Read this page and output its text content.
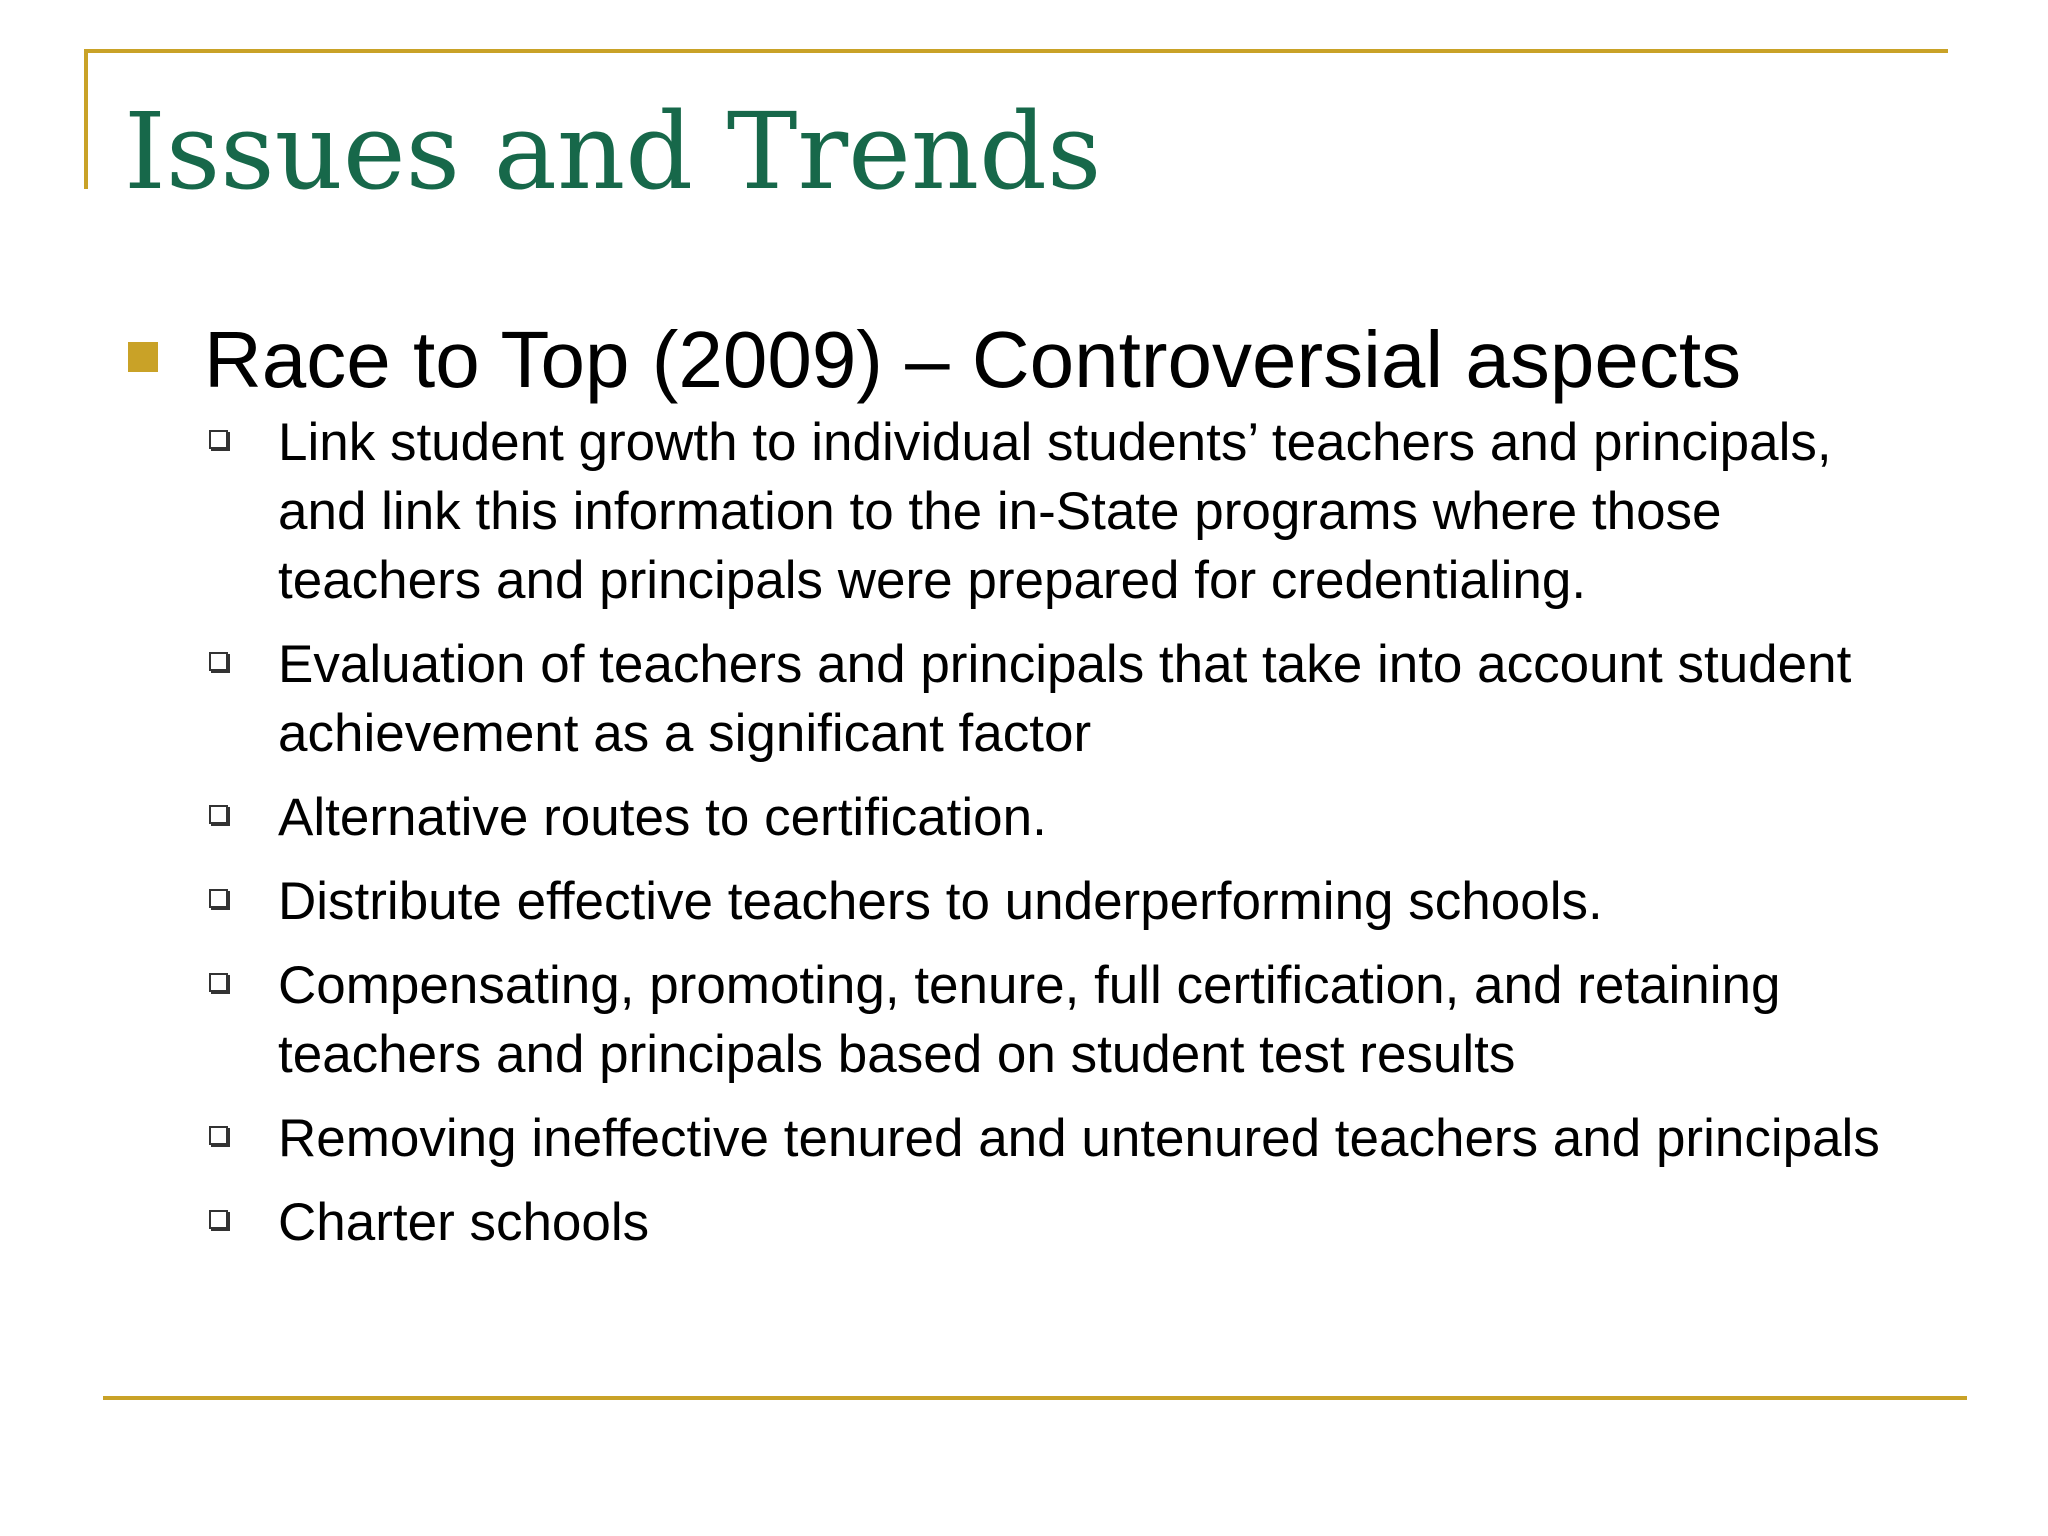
Issues and Trends
Race to Top (2009) – Controversial aspects
Link student growth to individual students’ teachers and principals, and link this information to the in-State programs where those teachers and principals were prepared for credentialing.
Evaluation of teachers and principals that take into account student achievement as a significant factor
Alternative routes to certification.
Distribute effective teachers to underperforming schools.
Compensating, promoting, tenure, full certification, and retaining teachers and principals based on student test results
Removing ineffective tenured and untenured teachers and principals
Charter schools
